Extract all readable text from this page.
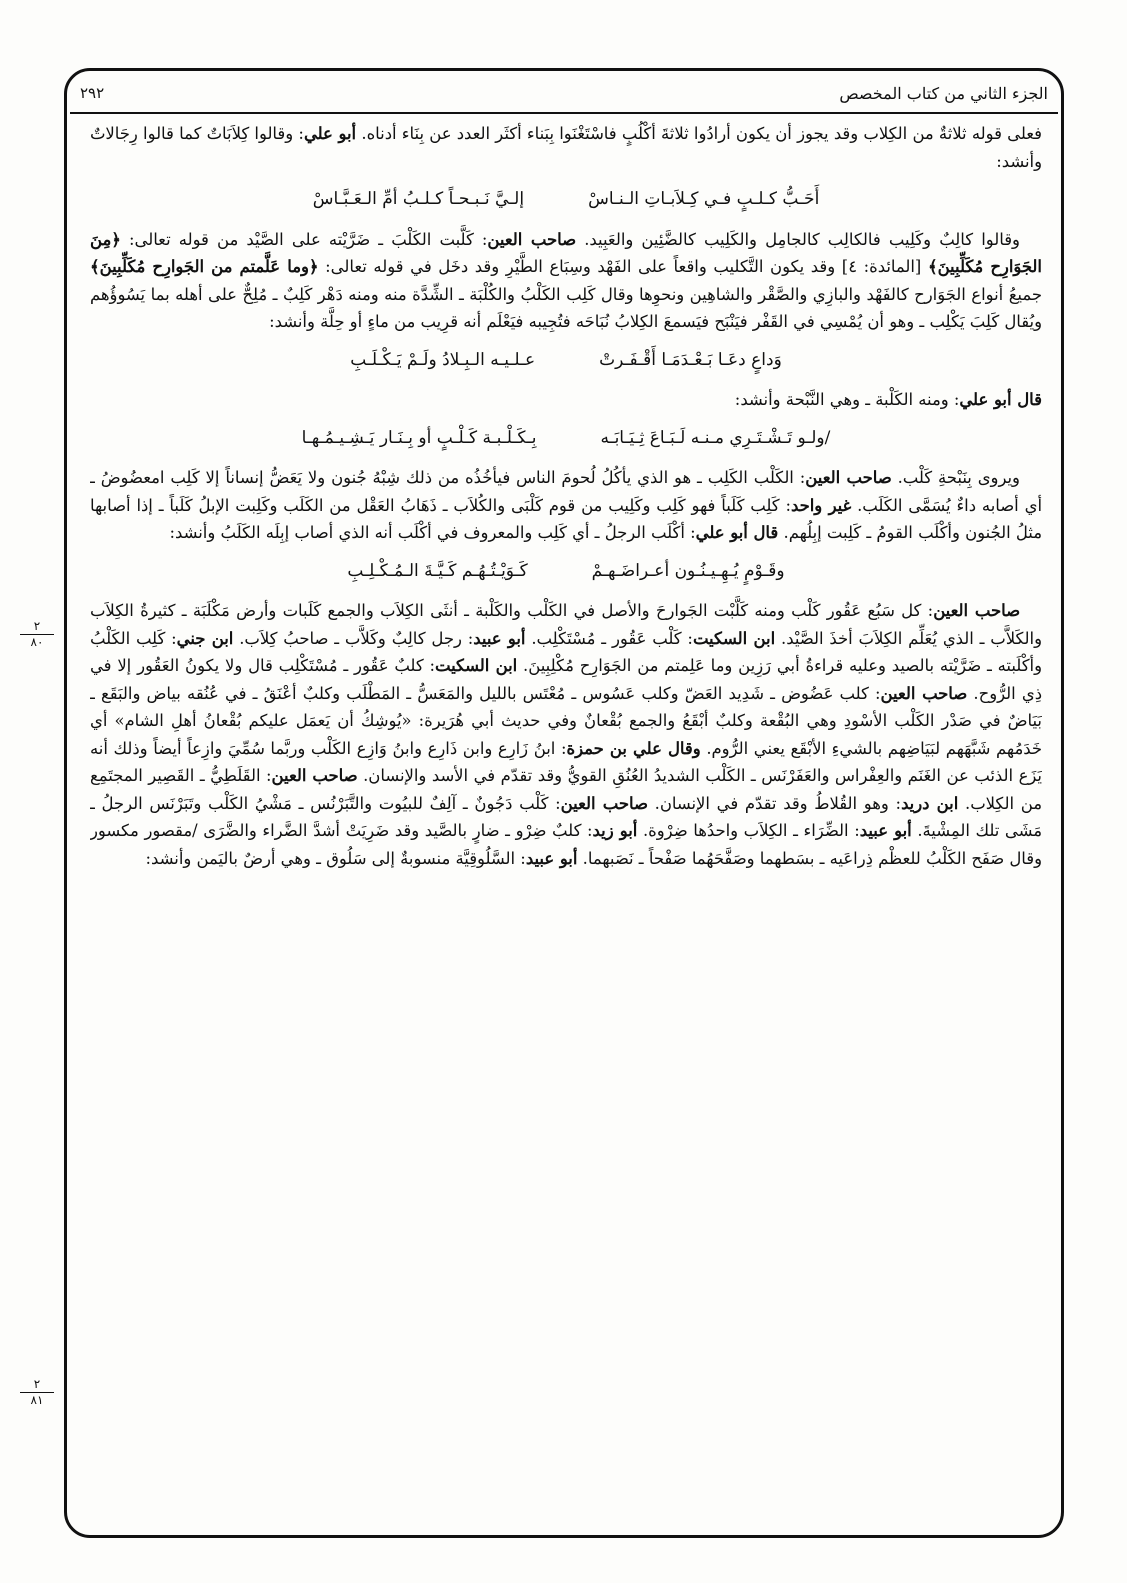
٢٩٢	الجزء الثاني من كتاب المخصص
٢
٨٠
٢
٨١

فعلى قوله ثلاثةٌ من الكِلاب وقد يجوز أن يكون أرادُوا ثلاثةَ أكْلُبٍ فاسْتَغْنَوا بِبَناء أكثَر العدد عن بِنَاء أدناه. أبو علي: وقالوا كِلاَبَاتٌ كما قالوا رِجَالاتٌ وأنشد:

أَحَـبُّ كـلـبٍ فـي كِـلاَبـاتِ الـنـاسْ
إلـيَّ نَـبـحـاً كـلـبُ أمِّ الـعَـبَّـاسْ

وقالوا كالِبٌ وكَلِيب فالكالِب كالجامِل والكَلِيب كالضَّئِين والعَبِيد. صاحب العين: كَلَّبت الكَلْبَ ـ ضَرَّيْته على الصَّيْد من قوله تعالى: ﴿مِنَ الجَوَارِح مُكَلِّبِينَ﴾ [المائدة: ٤] وقد يكون التَّكليب واقعاً على الفَهْد وسِبَاع الطَّيْرِ وقد دخَل في قوله تعالى: ﴿وما عَلَّمتم من الجَوارِح مُكَلِّبِينَ﴾ جميعُ أنواع الجَوَارح كالفَهْد والبازِي والصَّقْر والشاهِين ونحوِها وقال كَلِب الكَلْبُ والكُلْبَة ـ الشِّدَّة منه ومنه دَهْر كَلِبٌ ـ مُلِحٌّ على أهله بما يَسُوؤُهم ويُقال كَلِبَ يَكْلِب ـ وهو أن يُمْسِي في القَفْر فيَنْبَح فيَسمعَ الكِلابُ نُبَاحَه فتُجِيبه فيَعْلَم أنه قرِيب من ماءٍ أو حِلَّة وأنشد:

وَداعٍ دعَـا بَـعْـدَمَـا أَقْـفَـرتْ
عـلـيـه الـبِـلادُ ولَـمْ يَـكْـلَـبِ

قال أبو علي: ومنه الكَلْبة ـ وهي النَّبْحة وأنشد:

/ولـو تَـشْـتَـرِي مـنـه لَـبَـاعَ ثِـيَـابَـه
بِـكَـلْـبـة كَـلْـبٍ أو بِـنَـار يَـشِـيـمُـهـا

ويروى بِنَبْحةِ كَلْب. صاحب العين: الكَلْب الكَلِب ـ هو الذي يأكُلُ لُحومَ الناس فيأخُذُه من ذلك شِبْهُ جُنون ولا يَعَضُّ إنساناً إلا كَلِب امعضُوضُ ـ أي أصابه داءٌ يُسَمَّى الكَلَب. غير واحد: كَلِب كَلَباً فهو كَلِب وكَلِيب من قوم كَلْبَى والكُلاَب ـ ذَهَابُ العَقْل من الكَلَب وكَلِبت الإبلُ كَلَباً ـ إذا أصابها مثلُ الجُنون وأكْلَب القومُ ـ كَلِبت إبِلُهم. قال أبو علي: أكْلَب الرجلُ ـ أي كَلِب والمعروف في أكْلَب أنه الذي أصاب إبِلَه الكَلَبُ وأنشد:

وقَـوْمٍ يُـهِـيـنُـون أعـراضَـهـمْ
كَـوَيْـتُـهُـم كَـيَّـةَ الـمُـكْـلِـبِ

صاحب العين: كل سَبُع عَقُور كَلْب ومنه كَلَّبْت الجَوارحَ والأصل في الكَلْب والكَلْبة ـ أنثَى الكِلاَب والجمع كَلَبات وأرض مَكْلَبَة ـ كثيرةُ الكِلاَب والكَلاَّب ـ الذي يُعَلِّم الكِلاَبَ أخذَ الصَّيْد. ابن السكيت: كَلْب عَقُور ـ مُسْتَكْلِب. أبو عبيد: رجل كالِبٌ وكَلاَّب ـ صاحبُ كِلاَب. ابن جني: كَلِب الكَلْبُ وأكْلَبته ـ ضَرَّيْته بالصيد وعليه قراءةُ أبي رَزِين وما عَلِمتم من الجَوَارِح مُكْلِبِينَ. ابن السكيت: كلبٌ عَقُور ـ مُسْتَكْلِب قال ولا يكونُ العَقُور إلا في ذِي الرُّوح. صاحب العين: كلب عَضُوض ـ شَدِيد العَضّ وكلب عَسُوس ـ مُعْتَس بالليل والمَعَسُّ ـ المَطْلَب وكلبٌ أعْنَقُ ـ في عُنُقه بياض والبَقَع ـ بَيَاضٌ في صَدْر الكَلْب الأسْودِ وهي البُقْعة وكلبٌ أبْقَعُ والجمع بُقْعانٌ وفي حديث أبي هُرَيرة: «يُوشِكُ أن يَعمَل عليكم بُقْعانُ أهلِ الشام» أي خَدَمُهم شَبَّهَهم لبَيَاضِهم بالشيءِ الأبْقَع يعني الرُّوم. وقال علي بن حمزة: ابنُ زَارِع وابن ذَارِع وابنُ وَازِع الكَلْب وربَّما سُمِّيَ وازِعاً أيضاً وذلك أنه يَزَع الذئب عن الغَنَم والعِفْراس والعَفَرْنَس ـ الكَلْب الشديدُ العُنُقِ القويُّ وقد تقدّم في الأسد والإنسان. صاحب العين: القَلَطِيُّ ـ القَصِير المجتَمِع من الكِلاب. ابن دريد: وهو القُلاطُ وقد تقدّم في الإنسان. صاحب العين: كَلْب دَجُونٌ ـ آلِفٌ للبيُوت والتَّبَرْنُس ـ مَشْيُ الكَلْب وتَبَرْنَس الرجلُ ـ مَشَى تلك المِشْيةَ. أبو عبيد: الضِّرَاء ـ الكِلاَب واحدُها ضِرْوة. أبو زيد: كلبٌ ضِرْو ـ ضارٍ بالصَّيد وقد ضَرِيَتْ أشدَّ الضَّراء والضَّرَى /مقصور مكسور وقال صَفَح الكَلْبُ للعظْم ذِراعَيه ـ بسَطهما وصَفَّحَهُما صَفْحاً ـ نَصَبهما. أبو عبيد: السَّلُوقِيَّة منسوبةٌ إلى سَلُوق ـ وهي أرضٌ باليَمن وأنشد:
